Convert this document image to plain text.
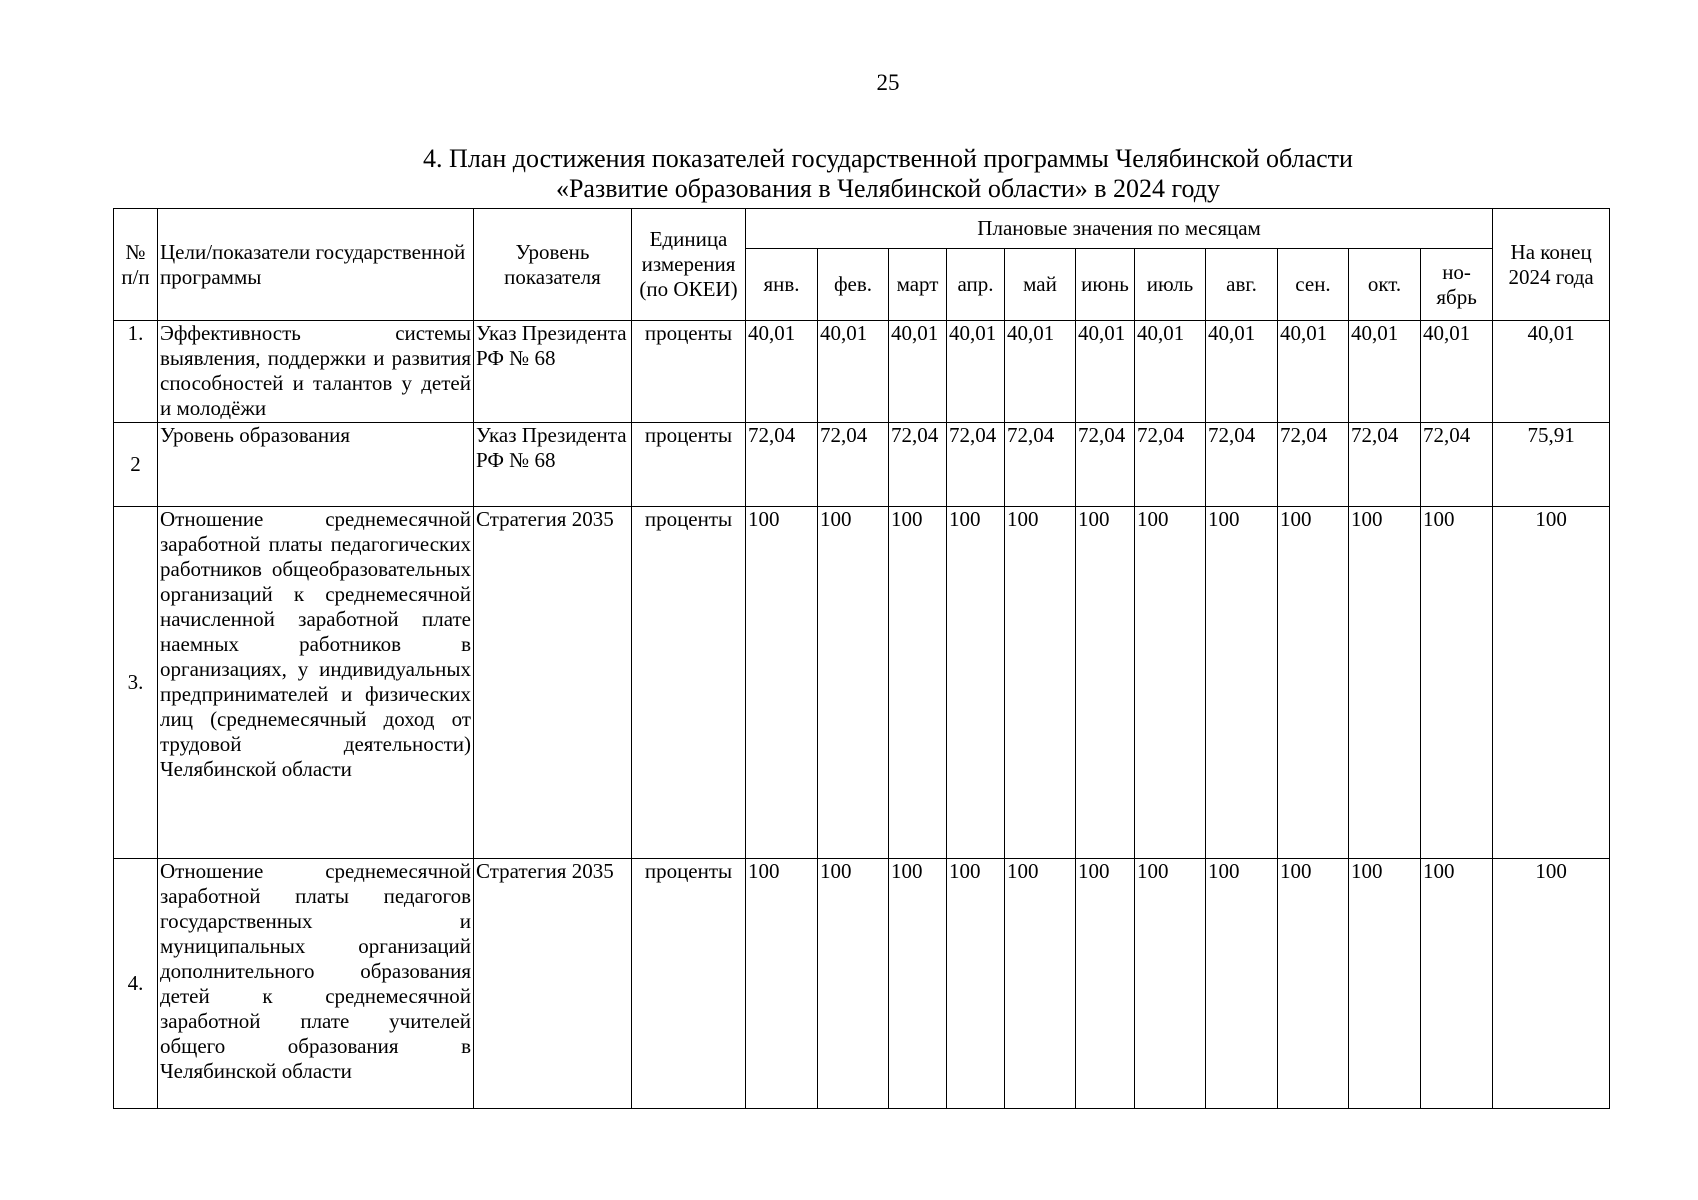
25
4. План достижения показателей государственной программы Челябинской области
«Развитие образования в Челябинской области» в 2024 году
№ п/п	Цели/показатели государственной программы	Уровень показателя	Единица измерения (по ОКЕИ)	Плановые значения по месяцам											На конец 2024 года
				янв.	фев.	март	апр.	май	июнь	июль	авг.	сен.	окт.	но-ябрь	
1.	Эффективность системы выявления, поддержки и развития способностей и талантов у детей и молодёжи	Указ Президента РФ № 68	проценты	40,01	40,01	40,01	40,01	40,01	40,01	40,01	40,01	40,01	40,01	40,01	40,01
2	Уровень образования	Указ Президента РФ № 68	проценты	72,04	72,04	72,04	72,04	72,04	72,04	72,04	72,04	72,04	72,04	72,04	75,91
3.	Отношение среднемесячной заработной платы педагогических работников общеобразовательных организаций к среднемесячной начисленной заработной плате наемных работников в организациях, у индивидуальных предпринимателей и физических лиц (среднемесячный доход от трудовой деятельности) Челябинской области	Стратегия 2035	проценты	100	100	100	100	100	100	100	100	100	100	100	100
4.	Отношение среднемесячной заработной платы педагогов государственных и муниципальных организаций дополнительного образования детей к среднемесячной заработной плате учителей общего образования в Челябинской области	Стратегия 2035	проценты	100	100	100	100	100	100	100	100	100	100	100	100
